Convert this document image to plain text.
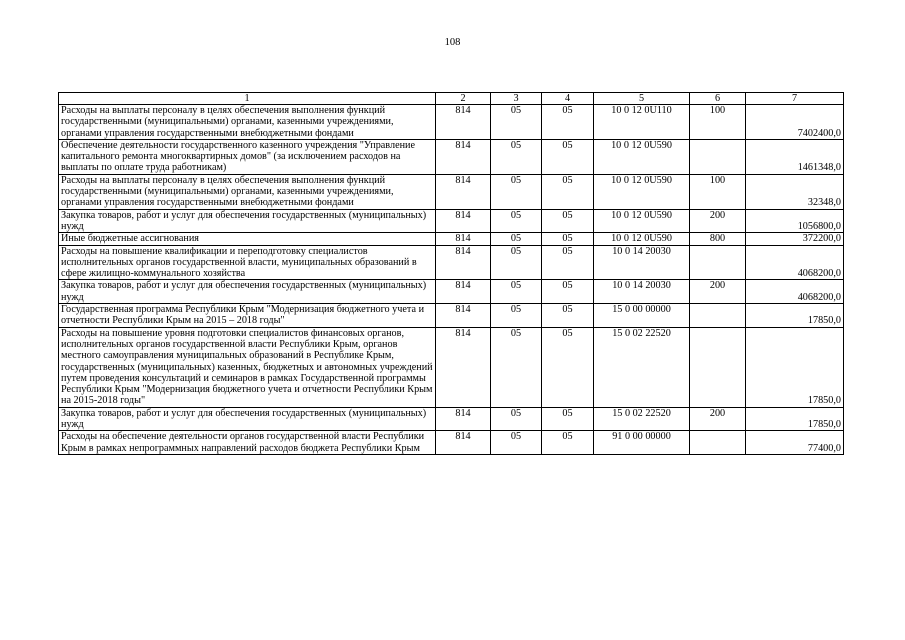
108
1	2	3	4	5	6	7
Расходы на выплаты персоналу в целях обеспечения выполнения функций государственными (муниципальными) органами, казенными учреждениями, органами управления государственными внебюджетными фондами	814	05	05	10 0 12 0U110	100	7402400,0
Обеспечение деятельности государственного казенного учреждения "Управление капитального ремонта многоквартирных домов" (за исключением расходов на выплаты по оплате труда работникам)	814	05	05	10 0 12 0U590		1461348,0
Расходы на выплаты персоналу в целях обеспечения выполнения функций государственными (муниципальными) органами, казенными учреждениями, органами управления государственными внебюджетными фондами	814	05	05	10 0 12 0U590	100	32348,0
Закупка товаров, работ и услуг для обеспечения государственных (муниципальных) нужд	814	05	05	10 0 12 0U590	200	1056800,0
Иные бюджетные ассигнования	814	05	05	10 0 12 0U590	800	372200,0
Расходы на повышение квалификации и переподготовку специалистов исполнительных органов государственной власти, муниципальных образований в сфере жилищно-коммунального хозяйства	814	05	05	10 0 14 20030		4068200,0
Закупка товаров, работ и услуг для обеспечения государственных (муниципальных) нужд	814	05	05	10 0 14 20030	200	4068200,0
Государственная программа Республики Крым "Модернизация бюджетного учета и отчетности Республики Крым на 2015 – 2018 годы"	814	05	05	15 0 00 00000		17850,0
Расходы на повышение уровня подготовки специалистов финансовых органов, исполнительных органов государственной власти Республики Крым, органов местного самоуправления муниципальных образований в Республике Крым, государственных (муниципальных) казенных, бюджетных и автономных учреждений путем проведения консультаций и семинаров в рамках Государственной программы Республики Крым "Модернизация бюджетного учета и отчетности Республики Крым на 2015-2018 годы"	814	05	05	15 0 02 22520		17850,0
Закупка товаров, работ и услуг для обеспечения государственных (муниципальных) нужд	814	05	05	15 0 02 22520	200	17850,0
Расходы на обеспечение деятельности органов государственной власти Республики Крым в рамках непрограммных направлений расходов бюджета Республики Крым	814	05	05	91 0 00 00000		77400,0
